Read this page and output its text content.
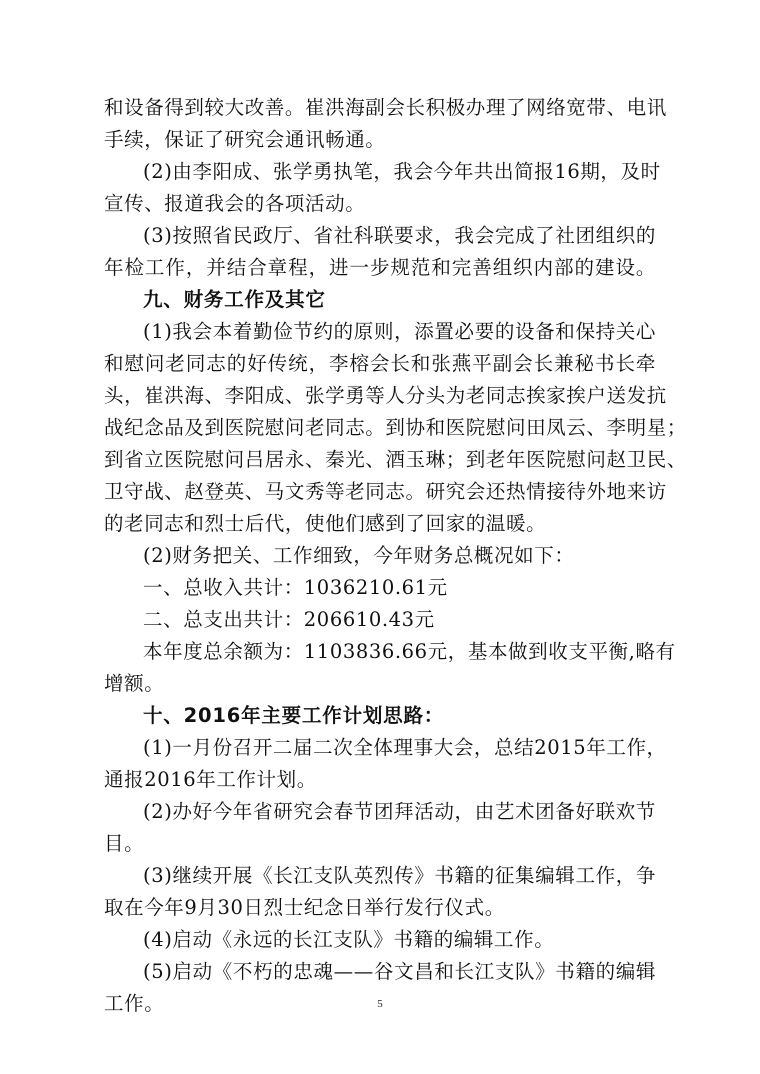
和设备得到较大改善。崔洪海副会长积极办理了网络宽带、电讯
手续，保证了研究会通讯畅通。
(2)由李阳成、张学勇执笔，我会今年共出简报16期，及时
宣传、报道我会的各项活动。
(3)按照省民政厅、省社科联要求，我会完成了社团组织的
年检工作，并结合章程，进一步规范和完善组织内部的建设。
九、财务工作及其它
(1)我会本着勤俭节约的原则，添置必要的设备和保持关心
和慰问老同志的好传统，李榕会长和张燕平副会长兼秘书长牵
头，崔洪海、李阳成、张学勇等人分头为老同志挨家挨户送发抗
战纪念品及到医院慰问老同志。到协和医院慰问田凤云、李明星；
到省立医院慰问吕居永、秦光、酒玉琳；到老年医院慰问赵卫民、
卫守战、赵登英、马文秀等老同志。研究会还热情接待外地来访
的老同志和烈士后代，使他们感到了回家的温暖。
(2)财务把关、工作细致，今年财务总概况如下：
一、总收入共计：1036210.61元
二、总支出共计：206610.43元
本年度总余额为：1103836.66元，基本做到收支平衡,略有
增额。
十、2016年主要工作计划思路：
(1)一月份召开二届二次全体理事大会，总结2015年工作，
通报2016年工作计划。
(2)办好今年省研究会春节团拜活动，由艺术团备好联欢节
目。
(3)继续开展《长江支队英烈传》书籍的征集编辑工作，争
取在今年9月30日烈士纪念日举行发行仪式。
(4)启动《永远的长江支队》书籍的编辑工作。
(5)启动《不朽的忠魂——谷文昌和长江支队》书籍的编辑
工作。	5
